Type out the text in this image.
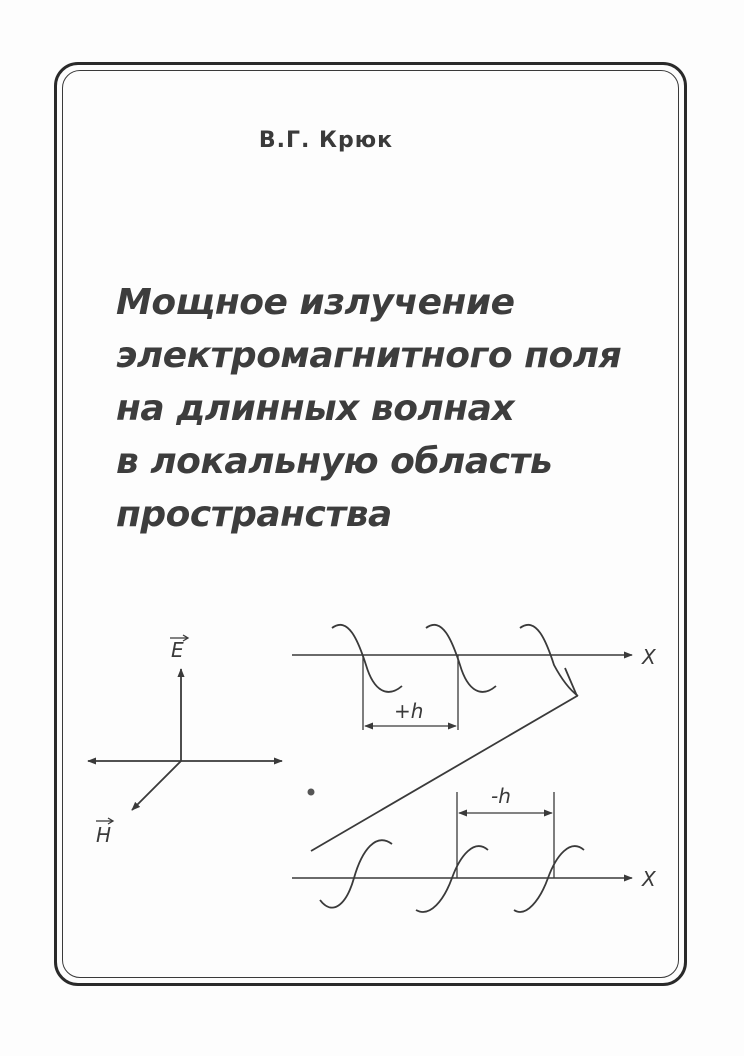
В.Г. Крюк
Мощное излучение
электромагнитного поля
на длинных волнах
в локальную область
пространства
E
H
X
+h
-h
X
